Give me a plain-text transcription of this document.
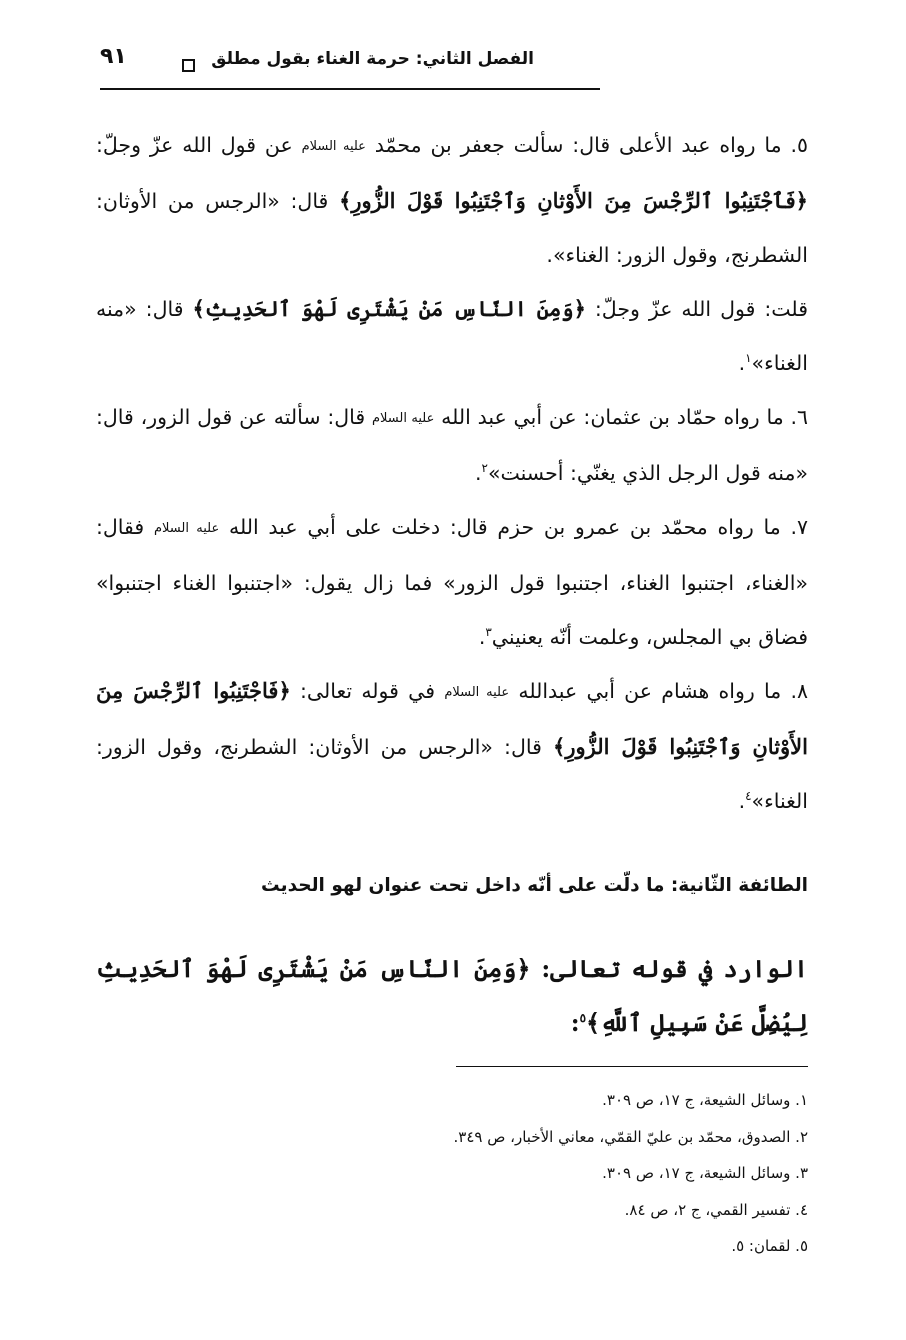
٩١	الفصل الثاني: حرمة الغناء بقول مطلق

٥. ما رواه عبد الأعلى قال: سألت جعفر بن محمّد عليه السلام عن قول الله عزّ وجلّ: ﴿فَٱجْتَنِبُوا ٱلرِّجْسَ مِنَ الأَوْثانِ وَٱجْتَنِبُوا قَوْلَ الزُّورِ﴾ قال: «الرجس من الأوثان: الشطرنج، وقول الزور: الغناء».

قلت: قول الله عزّ وجلّ: ﴿وَمِنَ النّاسِ مَنْ يَشْتَرِى لَهْوَ ٱلحَدِيثِ﴾ قال: «منه الغناء»$^١$.

٦. ما رواه حمّاد بن عثمان: عن أبي عبد الله عليه السلام قال: سألته عن قول الزور، قال: «منه قول الرجل الذي يغنّي: أحسنت»$^٢$.

٧. ما رواه محمّد بن عمرو بن حزم قال: دخلت على أبي عبد الله عليه السلام فقال: «الغناء، اجتنبوا الغناء، اجتنبوا قول الزور» فما زال يقول: «اجتنبوا الغناء اجتنبوا» فضاق بي المجلس، وعلمت أنّه يعنيني$^٣$.

٨. ما رواه هشام عن أبي عبدالله عليه السلام في قوله تعالى: ﴿فَاجْتَنِبُوا ٱلرِّجْسَ مِنَ الأَوْثانِ وَٱجْتَنِبُوا قَوْلَ الزُّورِ﴾ قال: «الرجس من الأوثان: الشطرنج، وقول الزور: الغناء»$^٤$.

الطائفة الثّانية: ما دلّت على أنّه داخل تحت عنوان لهو الحديث

الوارد في قوله تعالى: ﴿وَمِنَ النّاسِ مَنْ يَشْتَرِى لَهْوَ ٱلحَدِيثِ لِيُضِلَّ عَنْ سَبِيلِ ٱللَّهِ﴾$^٥$:

١. وسائل الشيعة، ج ١٧، ص ٣٠٩.
٢. الصدوق، محمّد بن عليّ القمّي، معاني الأخبار، ص ٣٤٩.
٣. وسائل الشيعة، ج ١٧، ص ٣٠٩.
٤. تفسير القمي، ج ٢، ص ٨٤.
٥. لقمان: ٥.
